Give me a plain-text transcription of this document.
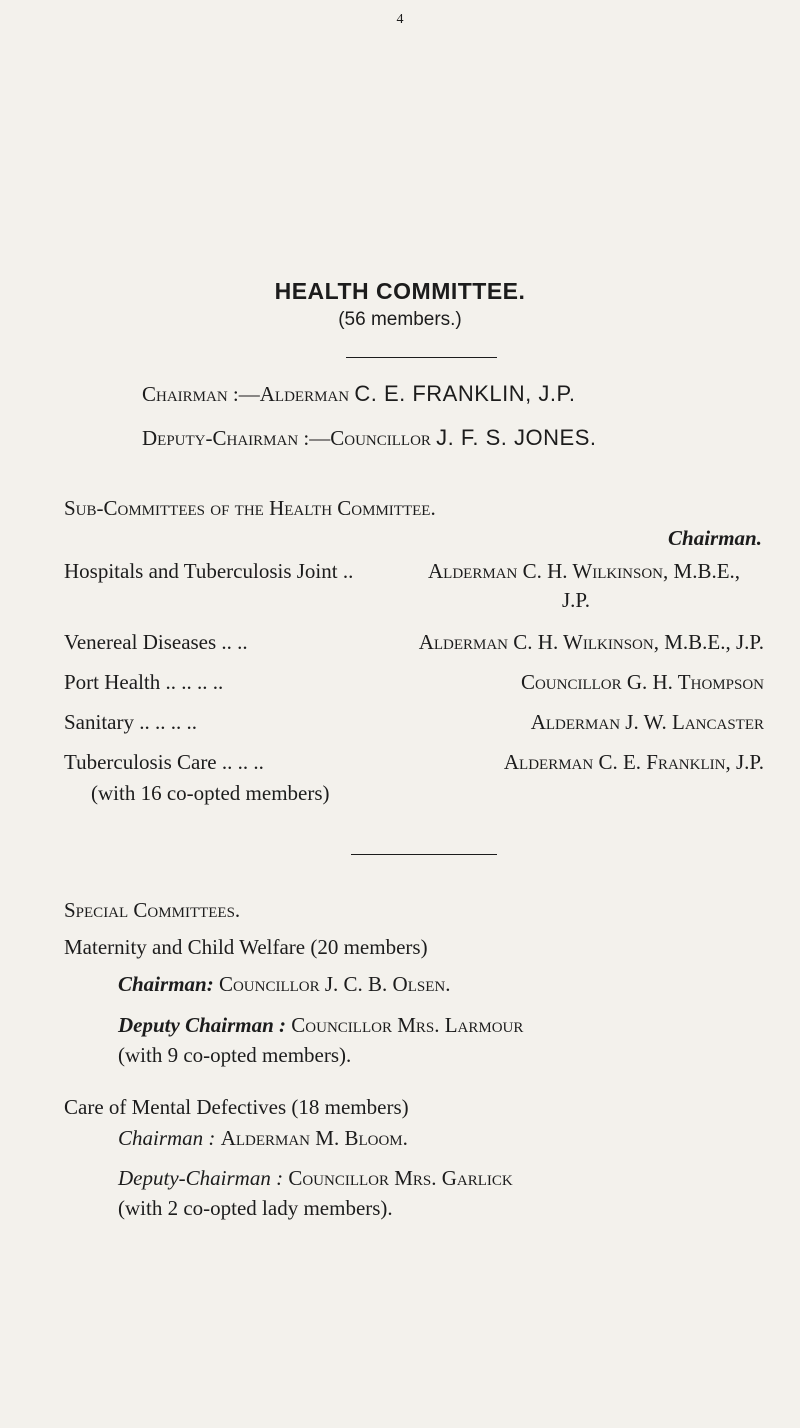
4
HEALTH COMMITTEE.
(56 members.)
Chairman :—Alderman C. E. FRANKLIN, J.P.
Deputy-Chairman :—Councillor J. F. S. JONES.
Sub-Committees of the Health Committee.
Chairman.
Hospitals and Tuberculosis Joint ..	Alderman C. H. Wilkinson, M.B.E.,
J.P.
Venereal Diseases .. ..	Alderman C. H. Wilkinson, M.B.E., J.P.
Port Health .. .. .. ..	Councillor G. H. Thompson
Sanitary .. .. .. ..	Alderman J. W. Lancaster
Tuberculosis Care .. .. ..	Alderman C. E. Franklin, J.P.
(with 16 co-opted members)
Special Committees.
Maternity and Child Welfare (20 members)
Chairman: Councillor J. C. B. Olsen.
Deputy Chairman : Councillor Mrs. Larmour
(with 9 co-opted members).
Care of Mental Defectives (18 members)
Chairman : Alderman M. Bloom.
Deputy-Chairman : Councillor Mrs. Garlick
(with 2 co-opted lady members).
